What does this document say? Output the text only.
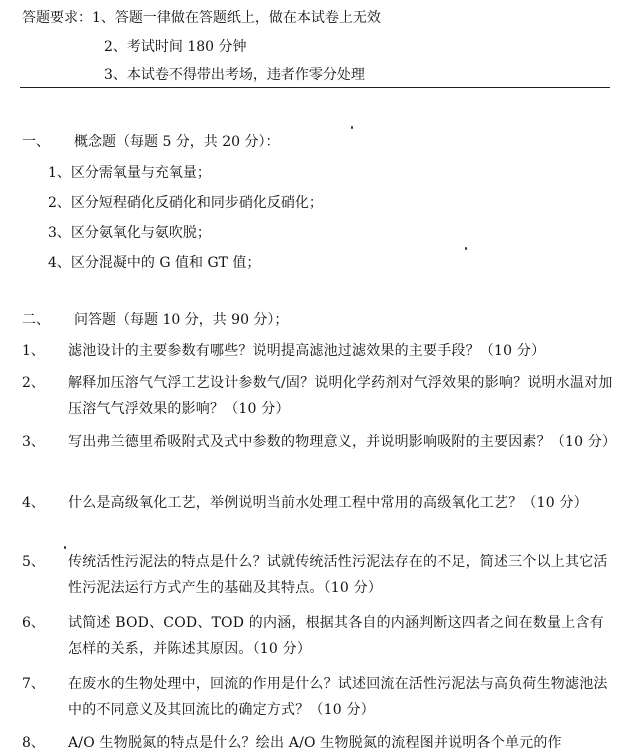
答题要求：1、答题一律做在答题纸上，做在本试卷上无效
2、考试时间 180 分钟
3、本试卷不得带出考场，违者作零分处理
一、 概念题（每题 5 分，共 20 分）：
1、区分需氧量与充氧量；
2、区分短程硝化反硝化和同步硝化反硝化；
3、区分氨氧化与氨吹脱；
4、区分混凝中的 G 值和 GT 值；
二、 问答题（每题 10 分，共 90 分）；
1、 滤池设计的主要参数有哪些？说明提高滤池过滤效果的主要手段？（10 分）
2、 解释加压溶气气浮工艺设计参数气/固？说明化学药剂对气浮效果的影响？说明水温对加压溶气气浮效果的影响？（10 分）
3、 写出弗兰德里希吸附式及式中参数的物理意义，并说明影响吸附的主要因素？（10 分）
4、 什么是高级氧化工艺，举例说明当前水处理工程中常用的高级氧化工艺？（10 分）
5、 传统活性污泥法的特点是什么？试就传统活性污泥法存在的不足，简述三个以上其它活性污泥法运行方式产生的基础及其特点。（10 分）
6、 试简述 BOD、COD、TOD 的内涵，根据其各自的内涵判断这四者之间在数量上含有怎样的关系，并陈述其原因。（10 分）
7、 在废水的生物处理中，回流的作用是什么？试述回流在活性污泥法与高负荷生物滤池法中的不同意义及其回流比的确定方式？（10 分）
8、 A/O 生物脱氮的特点是什么？绘出 A/O 生物脱氮的流程图并说明各个单元的作
